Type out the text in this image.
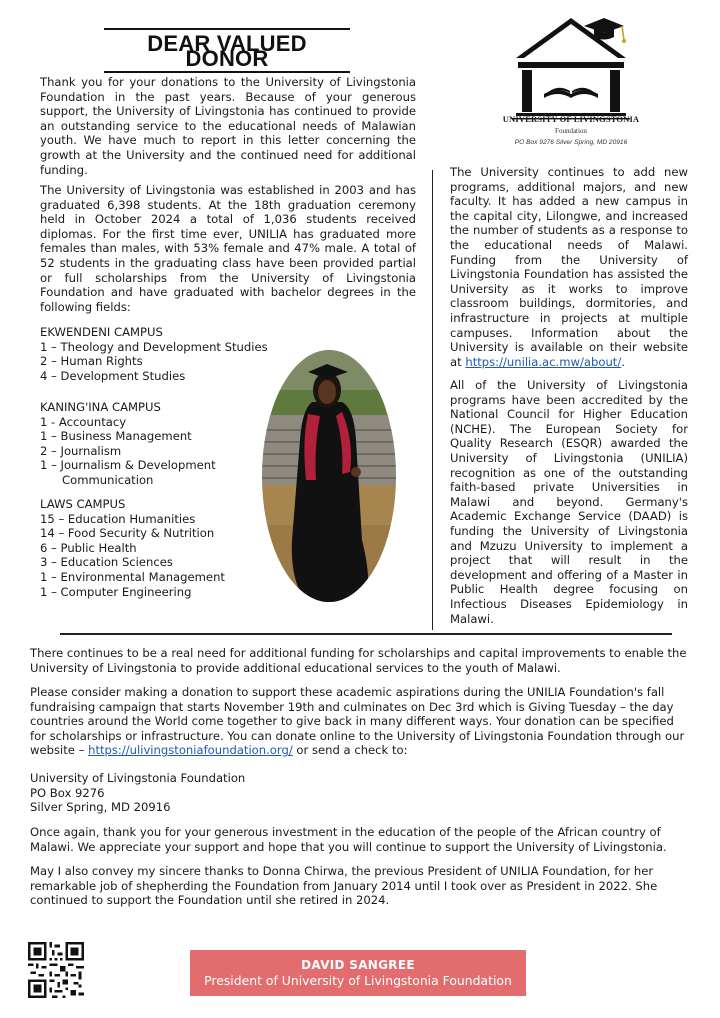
DEAR VALUED DONOR
UNIVERSITY OF LIVINGSTONIA
Foundation
PO Box 9276 Silver Spring, MD 20916

Thank you for your donations to the University of Livingstonia Foundation in the past years. Because of your generous support, the University of Livingstonia has continued to provide an outstanding service to the educational needs of Malawian youth. We have much to report in this letter concerning the growth at the University and the continued need for additional funding.

The University of Livingstonia was established in 2003 and has graduated 6,398 students. At the 18th graduation ceremony held in October 2024 a total of 1,036 students received diplomas. For the first time ever, UNILIA has graduated more females than males, with 53% female and 47% male. A total of 52 students in the graduating class have been provided partial or full scholarships from the University of Livingstonia Foundation and have graduated with bachelor degrees in the following fields:

EKWENDENI CAMPUS
1 – Theology and Development Studies
2 – Human Rights
4 – Development Studies
KANING'INA CAMPUS
1 - Accountacy
1 – Business Management
2 – Journalism
1 – Journalism & Development
Communication
LAWS CAMPUS
15 – Education Humanities
14 – Food Security & Nutrition
6 – Public Health
3 – Education Sciences
1 – Environmental Management
1 – Computer Engineering

The University continues to add new programs, additional majors, and new faculty. It has added a new campus in the capital city, Lilongwe, and increased the number of students as a response to the educational needs of Malawi. Funding from the University of Livingstonia Foundation has assisted the University as it works to improve classroom buildings, dormitories, and infrastructure in projects at multiple campuses. Information about the University is available on their website at https://unilia.ac.mw/about/.

All of the University of Livingstonia programs have been accredited by the National Council for Higher Education (NCHE). The European Society for Quality Research (ESQR) awarded the University of Livingstonia (UNILIA) recognition as one of the outstanding faith-based private Universities in Malawi and beyond. Germany's Academic Exchange Service (DAAD) is funding the University of Livingstonia and Mzuzu University to implement a project that will result in the development and offering of a Master in Public Health degree focusing on Infectious Diseases Epidemiology in Malawi.

There continues to be a real need for additional funding for scholarships and capital improvements to enable the University of Livingstonia to provide additional educational services to the youth of Malawi.

Please consider making a donation to support these academic aspirations during the UNILIA Foundation's fall fundraising campaign that starts November 19th and culminates on Dec 3rd which is Giving Tuesday – the day countries around the World come together to give back in many different ways. Your donation can be specified for scholarships or infrastructure. You can donate online to the University of Livingstonia Foundation through our website – https://ulivingstoniafoundation.org/ or send a check to:

University of Livingstonia Foundation
PO Box 9276
Silver Spring, MD 20916

Once again, thank you for your generous investment in the education of the people of the African country of Malawi. We appreciate your support and hope that you will continue to support the University of Livingstonia.

May I also convey my sincere thanks to Donna Chirwa, the previous President of UNILIA Foundation, for her remarkable job of shepherding the Foundation from January 2014 until I took over as President in 2022. She continued to support the Foundation until she retired in 2024.

DAVID SANGREE
President of University of Livingstonia Foundation
